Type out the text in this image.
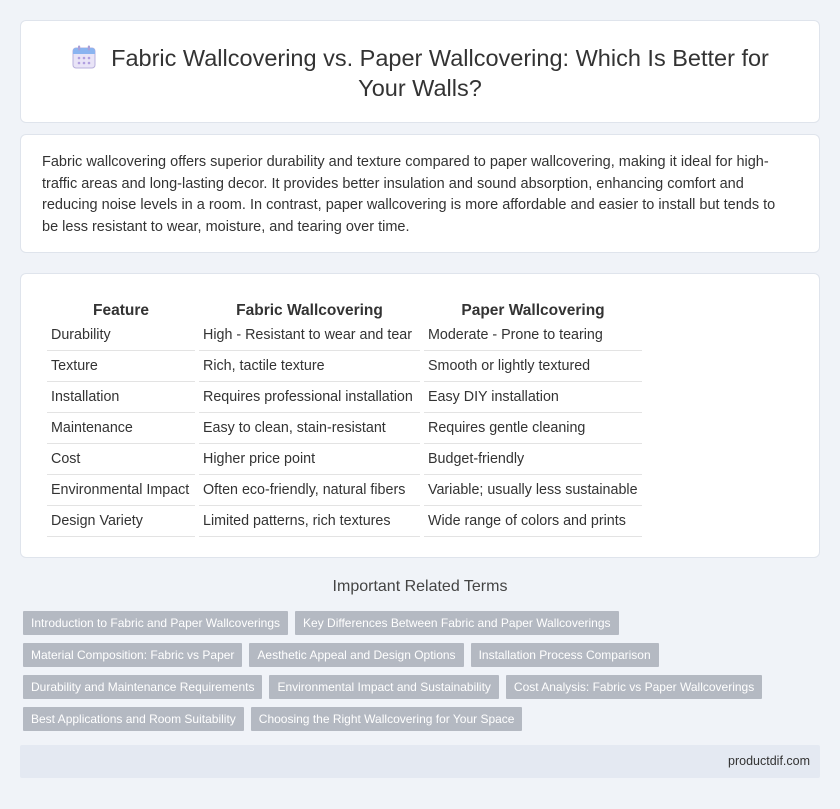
Fabric Wallcovering vs. Paper Wallcovering: Which Is Better for Your Walls?

Fabric wallcovering offers superior durability and texture compared to paper wallcovering, making it ideal for high-traffic areas and long-lasting decor. It provides better insulation and sound absorption, enhancing comfort and reducing noise levels in a room. In contrast, paper wallcovering is more affordable and easier to install but tends to be less resistant to wear, moisture, and tearing over time.

Feature	Fabric Wallcovering	Paper Wallcovering
Durability	High - Resistant to wear and tear	Moderate - Prone to tearing
Texture	Rich, tactile texture	Smooth or lightly textured
Installation	Requires professional installation	Easy DIY installation
Maintenance	Easy to clean, stain-resistant	Requires gentle cleaning
Cost	Higher price point	Budget-friendly
Environmental Impact	Often eco-friendly, natural fibers	Variable; usually less sustainable
Design Variety	Limited patterns, rich textures	Wide range of colors and prints
Important Related Terms
Introduction to Fabric and Paper Wallcoverings	Key Differences Between Fabric and Paper Wallcoverings
Material Composition: Fabric vs Paper	Aesthetic Appeal and Design Options	Installation Process Comparison
Durability and Maintenance Requirements	Environmental Impact and Sustainability	Cost Analysis: Fabric vs Paper Wallcoverings
Best Applications and Room Suitability	Choosing the Right Wallcovering for Your Space
productdif.com
